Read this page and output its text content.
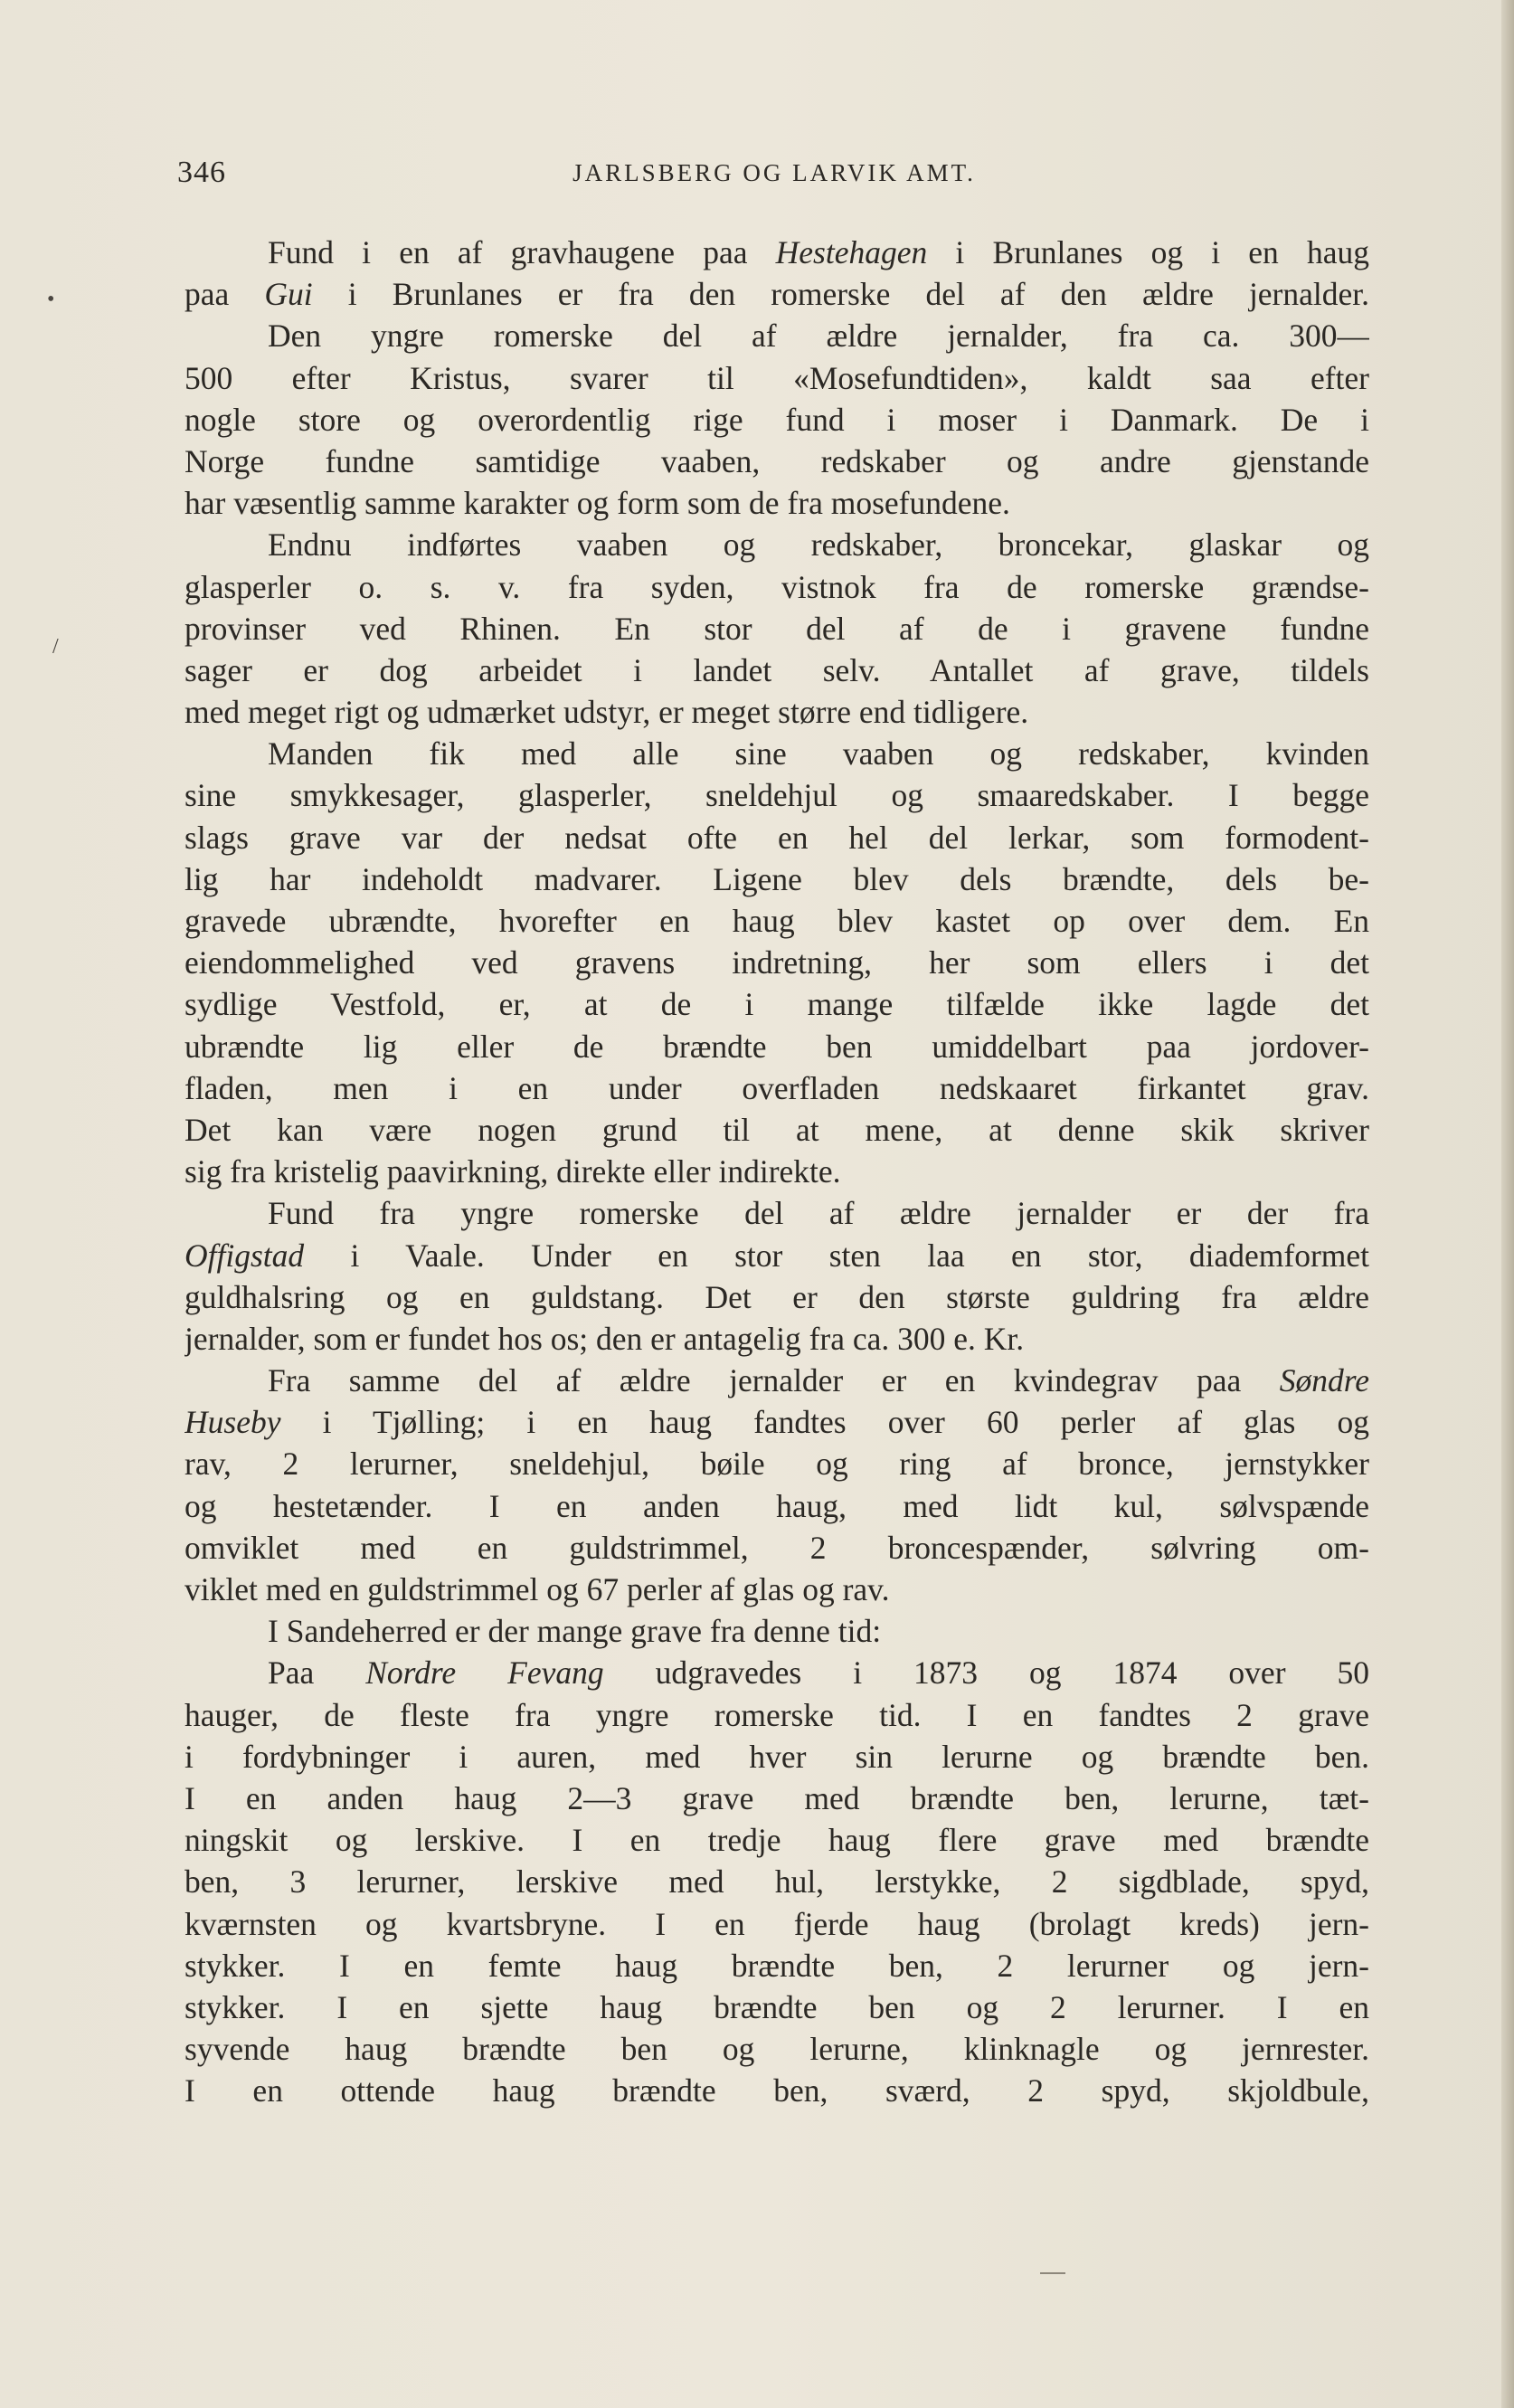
346	JARLSBERG OG LARVIK AMT.
•
/
Fund i en af gravhaugene paa Hestehagen i Brunlanes og i en haug
paa Gui i Brunlanes er fra den romerske del af den ældre jernalder.
Den yngre romerske del af ældre jernalder, fra ca. 300—
500 efter Kristus, svarer til «Mosefundtiden», kaldt saa efter
nogle store og overordentlig rige fund i moser i Danmark. De i
Norge fundne samtidige vaaben, redskaber og andre gjenstande
har væsentlig samme karakter og form som de fra mosefundene.
Endnu indførtes vaaben og redskaber, broncekar, glaskar og
glasperler o. s. v. fra syden, vistnok fra de romerske grændse-
provinser ved Rhinen. En stor del af de i gravene fundne
sager er dog arbeidet i landet selv. Antallet af grave, tildels
med meget rigt og udmærket udstyr, er meget større end tidligere.
Manden fik med alle sine vaaben og redskaber, kvinden
sine smykkesager, glasperler, sneldehjul og smaaredskaber. I begge
slags grave var der nedsat ofte en hel del lerkar, som formodent-
lig har indeholdt madvarer. Ligene blev dels brændte, dels be-
gravede ubrændte, hvorefter en haug blev kastet op over dem. En
eiendommelighed ved gravens indretning, her som ellers i det
sydlige Vestfold, er, at de i mange tilfælde ikke lagde det
ubrændte lig eller de brændte ben umiddelbart paa jordover-
fladen, men i en under overfladen nedskaaret firkantet grav.
Det kan være nogen grund til at mene, at denne skik skriver
sig fra kristelig paavirkning, direkte eller indirekte.
Fund fra yngre romerske del af ældre jernalder er der fra
Offigstad i Vaale. Under en stor sten laa en stor, diademformet
guldhalsring og en guldstang. Det er den største guldring fra ældre
jernalder, som er fundet hos os; den er antagelig fra ca. 300 e. Kr.
Fra samme del af ældre jernalder er en kvindegrav paa Søndre
Huseby i Tjølling; i en haug fandtes over 60 perler af glas og
rav, 2 lerurner, sneldehjul, bøile og ring af bronce, jernstykker
og hestetænder. I en anden haug, med lidt kul, sølvspænde
omviklet med en guldstrimmel, 2 broncespænder, sølvring om-
viklet med en guldstrimmel og 67 perler af glas og rav.
I Sandeherred er der mange grave fra denne tid:
Paa Nordre Fevang udgravedes i 1873 og 1874 over 50
hauger, de fleste fra yngre romerske tid. I en fandtes 2 grave
i fordybninger i auren, med hver sin lerurne og brændte ben.
I en anden haug 2—3 grave med brændte ben, lerurne, tæt-
ningskit og lerskive. I en tredje haug flere grave med brændte
ben, 3 lerurner, lerskive med hul, lerstykke, 2 sigdblade, spyd,
kværnsten og kvartsbryne. I en fjerde haug (brolagt kreds) jern-
stykker. I en femte haug brændte ben, 2 lerurner og jern-
stykker. I en sjette haug brændte ben og 2 lerurner. I en
syvende haug brændte ben og lerurne, klinknagle og jernrester.
I en ottende haug brændte ben, sværd, 2 spyd, skjoldbule,
